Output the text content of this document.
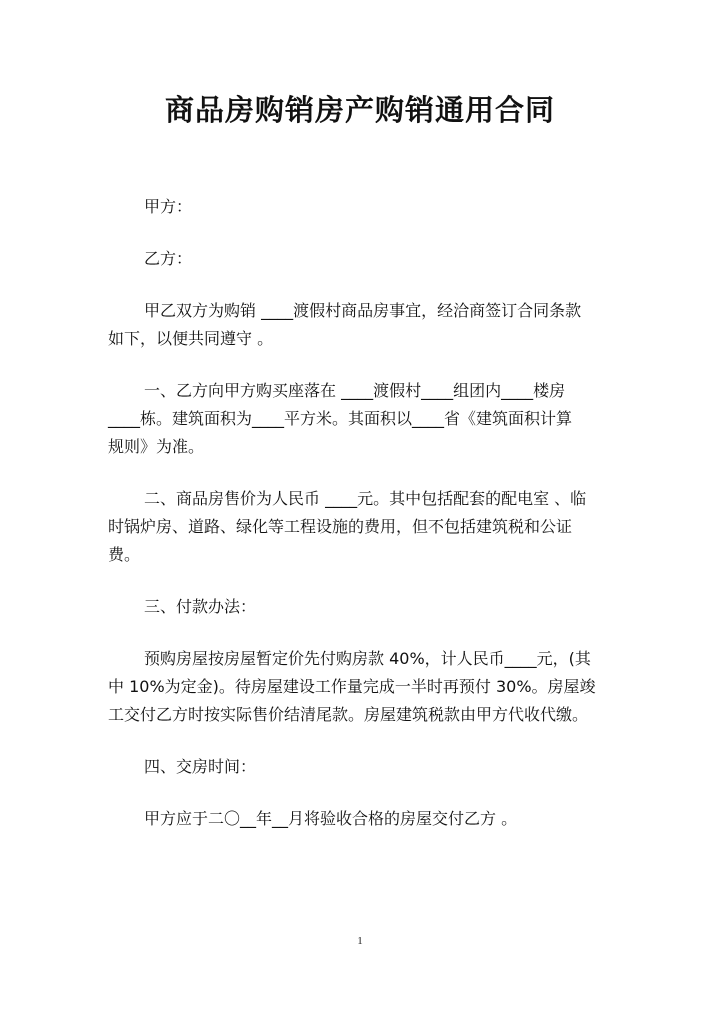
商品房购销房产购销通用合同

甲方：

乙方：

甲乙双方为购销 ____渡假村商品房事宜，经洽商签订合同条款
如下，以便共同遵守 。
一、乙方向甲方购买座落在 ____渡假村____组团内____楼房
____栋。建筑面积为____平方米。其面积以____省《建筑面积计算
规则》为准。
二、商品房售价为人民币 ____元。其中包括配套的配电室 、临
时锅炉房、道路、绿化等工程设施的费用，但不包括建筑税和公证
费。
三、付款办法：
预购房屋按房屋暂定价先付购房款 40%，计人民币____元，(其
中 10%为定金)。待房屋建设工作量完成一半时再预付 30%。房屋竣
工交付乙方时按实际售价结清尾款。房屋建筑税款由甲方代收代缴。
四、交房时间：
甲方应于二〇__年__月将验收合格的房屋交付乙方 。
1
